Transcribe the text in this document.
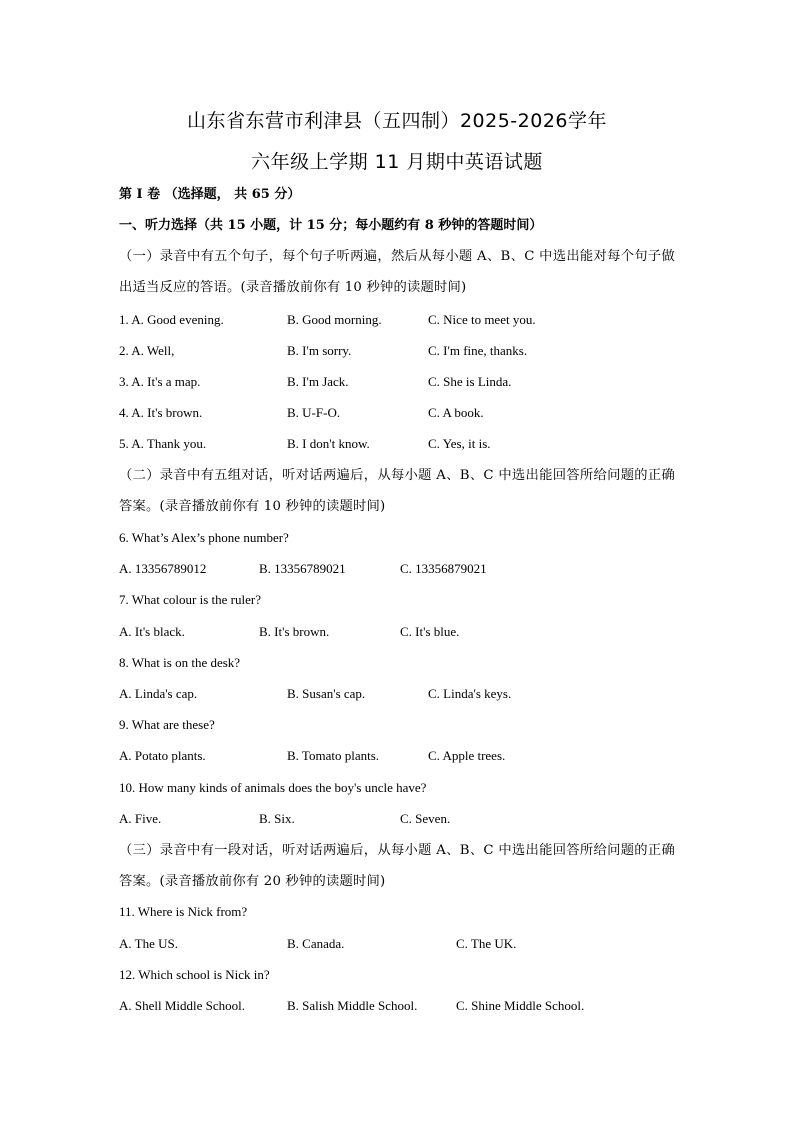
山东省东营市利津县（五四制）2025-2026学年
六年级上学期 11 月期中英语试题
第 I 卷 （选择题， 共 65 分）
一、听力选择（共 15 小题，计 15 分；每小题约有 8 秒钟的答题时间）
（一）录音中有五个句子，每个句子听两遍，然后从每小题 A、B、C 中选出能对每个句子做出适当反应的答语。(录音播放前你有 10 秒钟的读题时间)
1. A. Good evening.	B. Good morning.	C. Nice to meet you.
2. A. Well,	B. I'm sorry.	C. I'm fine, thanks.
3. A. It's a map.	B. I'm Jack.	C. She is Linda.
4. A. It's brown.	B. U-F-O.	C. A book.
5. A. Thank you.	B. I don't know.	C. Yes, it is.
（二）录音中有五组对话，听对话两遍后，从每小题 A、B、C 中选出能回答所给问题的正确答案。(录音播放前你有 10 秒钟的读题时间)
6. What’s Alex’s phone number?
A. 13356789012	B. 13356789021	C. 13356879021
7. What colour is the ruler?
A. It's black.	B. It's brown.	C. It's blue.
8. What is on the desk?
A. Linda's cap.	B. Susan's cap.	C. Linda's keys.
9. What are these?
A. Potato plants.	B. Tomato plants.	C. Apple trees.
10. How many kinds of animals does the boy's uncle have?
A. Five.	B. Six.	C. Seven.
（三）录音中有一段对话，听对话两遍后，从每小题 A、B、C 中选出能回答所给问题的正确答案。(录音播放前你有 20 秒钟的读题时间)
11. Where is Nick from?
A. The US.	B. Canada.	C. The UK.
12. Which school is Nick in?
A. Shell Middle School.	B. Salish Middle School.	C. Shine Middle School.
